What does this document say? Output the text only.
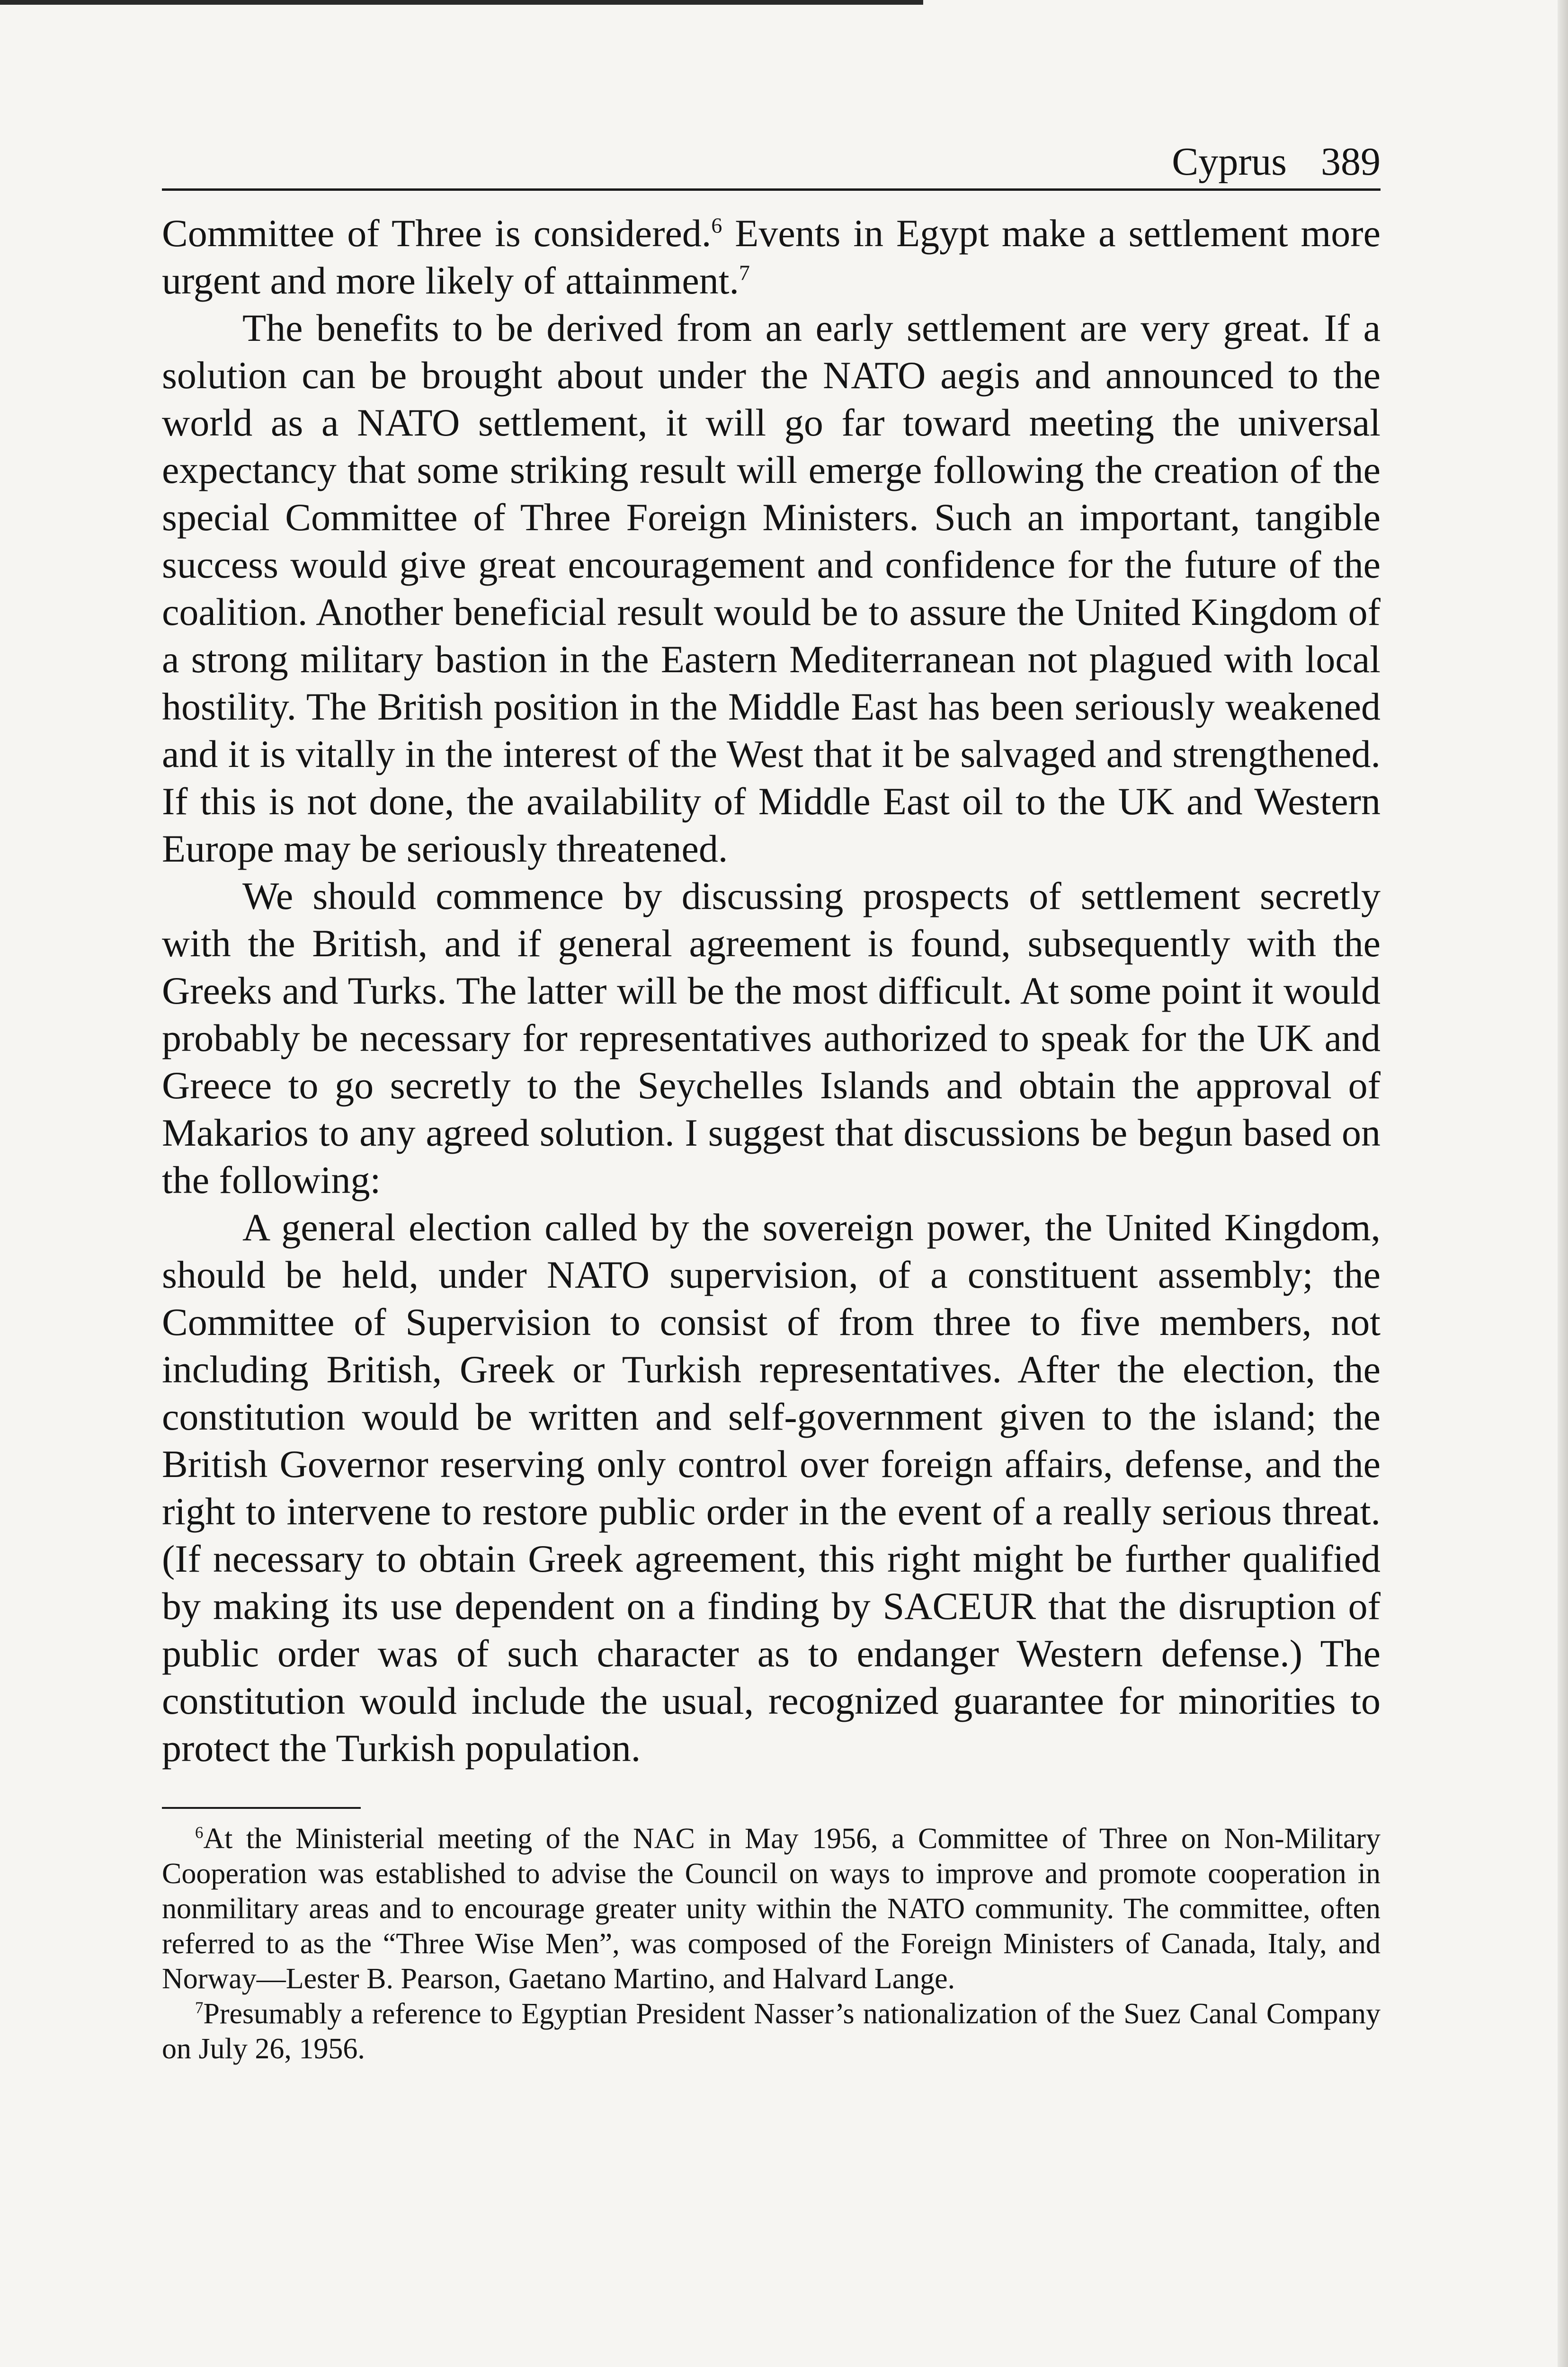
Cyprus 389

Committee of Three is considered.$^6$ Events in Egypt make a settlement more urgent and more likely of attainment.$^7$

The benefits to be derived from an early settlement are very great. If a solution can be brought about under the NATO aegis and announced to the world as a NATO settlement, it will go far toward meeting the universal expectancy that some striking result will emerge following the creation of the special Committee of Three Foreign Ministers. Such an important, tangible success would give great encouragement and confidence for the future of the coalition. Another beneficial result would be to assure the United Kingdom of a strong military bastion in the Eastern Mediterranean not plagued with local hostility. The British position in the Middle East has been seriously weakened and it is vitally in the interest of the West that it be salvaged and strengthened. If this is not done, the availability of Middle East oil to the UK and Western Europe may be seriously threatened.

We should commence by discussing prospects of settlement secretly with the British, and if general agreement is found, subsequently with the Greeks and Turks. The latter will be the most difficult. At some point it would probably be necessary for representatives authorized to speak for the UK and Greece to go secretly to the Seychelles Islands and obtain the approval of Makarios to any agreed solution. I suggest that discussions be begun based on the following:

A general election called by the sovereign power, the United Kingdom, should be held, under NATO supervision, of a constituent assembly; the Committee of Supervision to consist of from three to five members, not including British, Greek or Turkish representatives. After the election, the constitution would be written and self-government given to the island; the British Governor reserving only control over foreign affairs, defense, and the right to intervene to restore public order in the event of a really serious threat. (If necessary to obtain Greek agreement, this right might be further qualified by making its use dependent on a finding by SACEUR that the disruption of public order was of such character as to endanger Western defense.) The constitution would include the usual, recognized guarantee for minorities to protect the Turkish population.

$^6$At the Ministerial meeting of the NAC in May 1956, a Committee of Three on Non-Military Cooperation was established to advise the Council on ways to improve and promote cooperation in nonmilitary areas and to encourage greater unity within the NATO community. The committee, often referred to as the “Three Wise Men”, was composed of the Foreign Ministers of Canada, Italy, and Norway—Lester B. Pearson, Gaetano Martino, and Halvard Lange.

$^7$Presumably a reference to Egyptian President Nasser’s nationalization of the Suez Canal Company on July 26, 1956.
